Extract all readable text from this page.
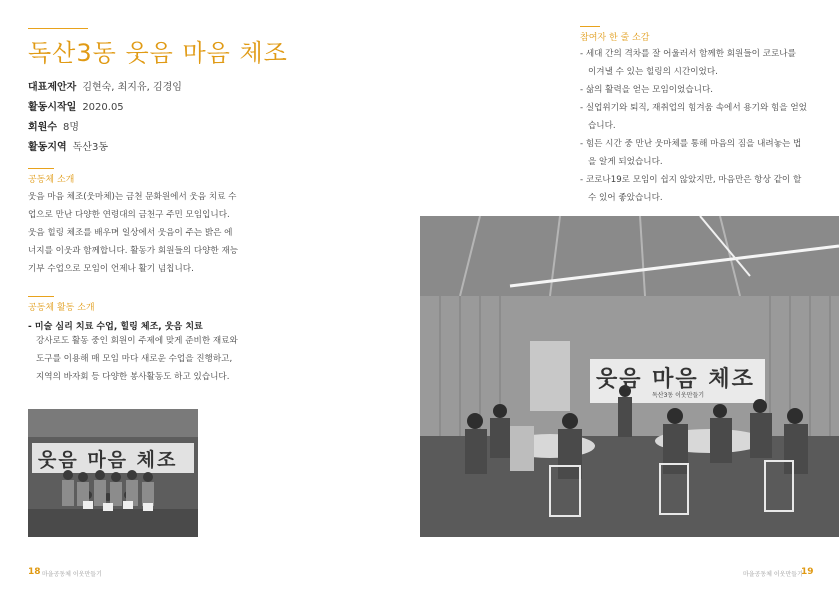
독산3동 웃음 마음 체조
대표제안자 김현숙, 최지유, 김경임
활동시작일 2020.05
회원수 8명
활동지역 독산3동
공동체 소개
웃음 마음 체조(웃마체)는 금천 문화원에서 웃음 치료 수
업으로 만난 다양한 연령대의 금천구 주민 모임입니다.
웃음 힐링 체조를 배우며 일상에서 웃음이 주는 밝은 에
너지를 이웃과 함께합니다. 활동가 회원들의 다양한 재능
기부 수업으로 모임이 언제나 활기 넘칩니다.
공동체 활동 소개
- 미술 심리 치료 수업, 힐링 체조, 웃음 치료
강사로도 활동 중인 회원이 주제에 맞게 준비한 재료와
도구를 이용해 매 모임 마다 새로운 수업을 진행하고,
지역의 바자회 등 다양한 봉사활동도 하고 있습니다.
웃음 마음 체조
18 마을공동체 이웃만들기
참여자 한 줄 소감
- 세대 간의 격차를 잘 어울러서 함께한 회원들이 코로나를
이겨낼 수 있는 힐링의 시간이었다.
- 삶의 활력을 얻는 모임이었습니다.
- 실업위기와 퇴직, 재취업의 힘겨움 속에서 용기와 힘을 얻었
습니다.
- 힘든 시간 중 만난 웃마체를 통해 마음의 짐을 내려놓는 법
을 알게 되었습니다.
- 코로나19로 모임이 쉽지 않았지만, 마음만은 항상 같이 할
수 있어 좋았습니다.
웃음 마음 체조
독산3동 이웃만들기
마을공동체 이웃만들기
19
